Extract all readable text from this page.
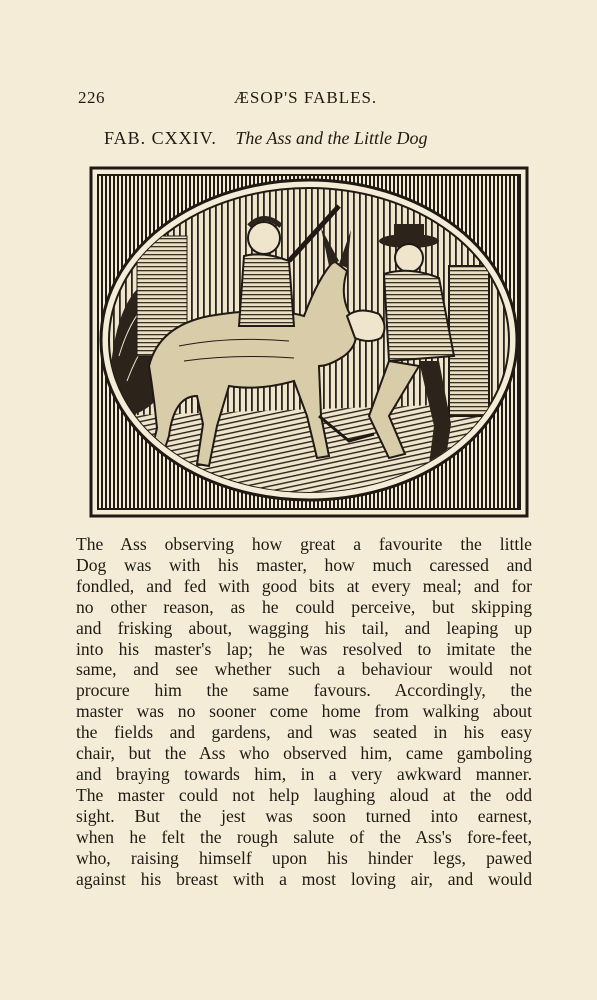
226	ÆSOP'S FABLES.
FAB. CXXIV. The Ass and the Little Dog
The Ass observing how great a favourite the little
Dog was with his master, how much caressed and
fondled, and fed with good bits at every meal; and for
no other reason, as he could perceive, but skipping
and frisking about, wagging his tail, and leaping up
into his master's lap; he was resolved to imitate the
same, and see whether such a behaviour would not
procure him the same favours. Accordingly, the
master was no sooner come home from walking about
the fields and gardens, and was seated in his easy
chair, but the Ass who observed him, came gamboling
and braying towards him, in a very awkward manner.
The master could not help laughing aloud at the odd
sight. But the jest was soon turned into earnest,
when he felt the rough salute of the Ass's fore-feet,
who, raising himself upon his hinder legs, pawed
against his breast with a most loving air, and would
